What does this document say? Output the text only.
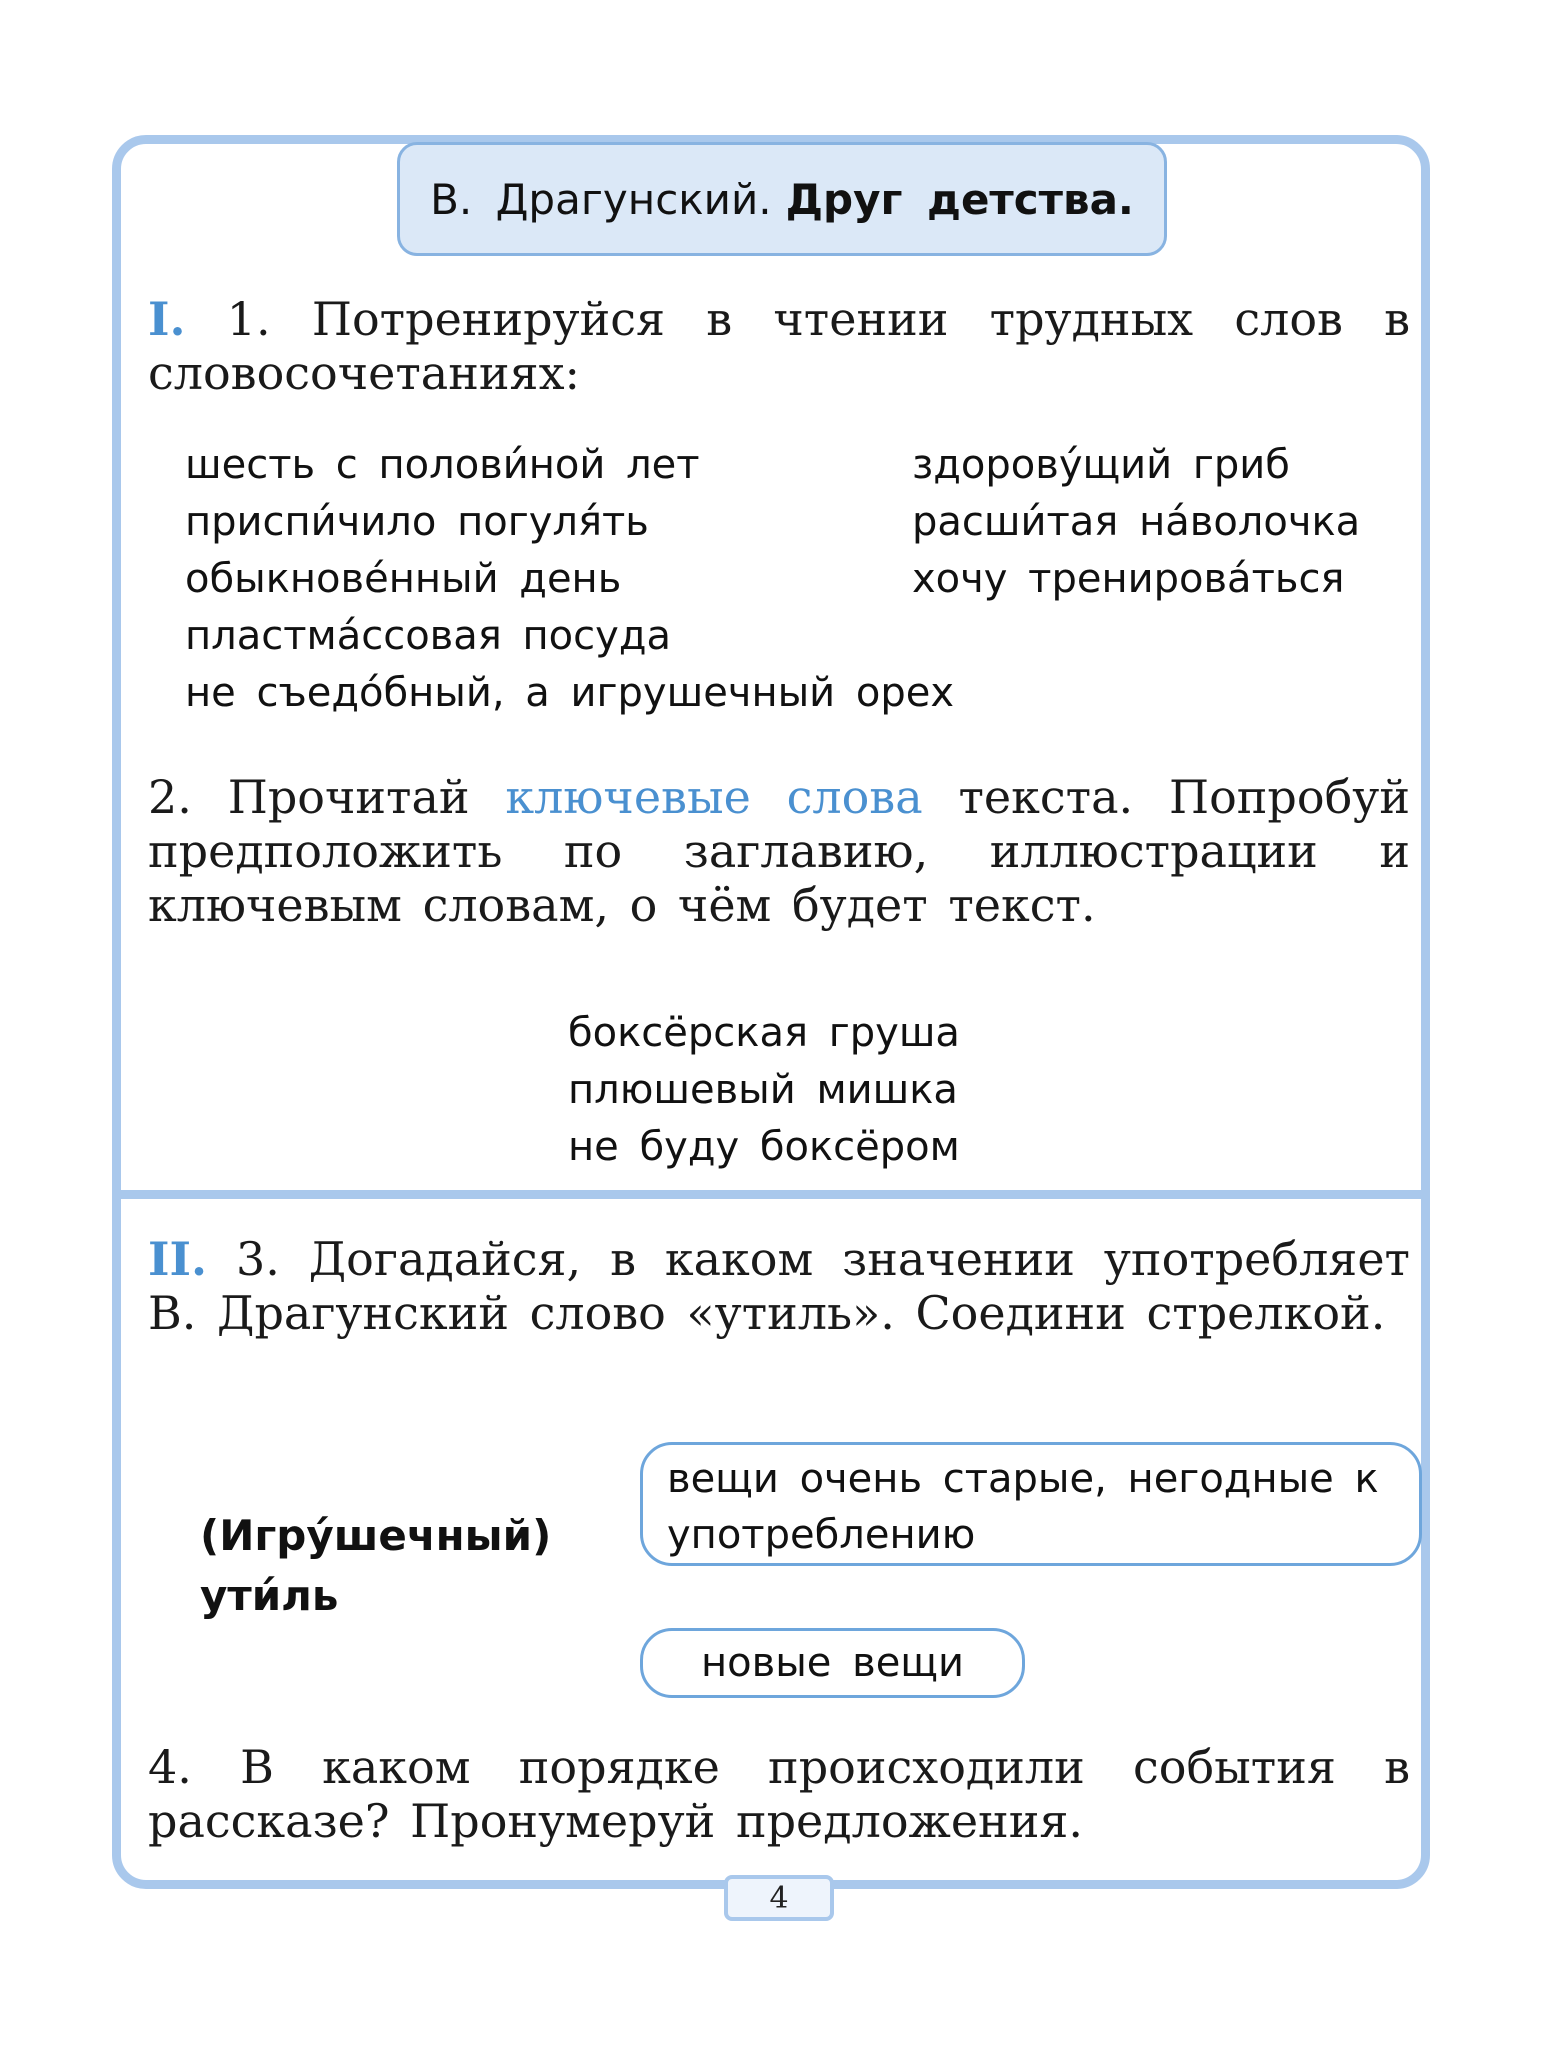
В. Драгунский. Друг детства.
I. 1. Потренируйся в чтении трудных слов в словосочетаниях:
шесть с полови́ной лет
приспи́чило погуля́ть
обыкнове́нный день
пластма́ссовая посуда
не съедо́бный, а игрушечный орех
здорову́щий гриб
расши́тая на́волочка
хочу тренирова́ться
2. Прочитай ключевые слова текста. Попробуй предположить по заглавию, иллюстрации и ключевым словам, о чём будет текст.
боксёрская груша
плюшевый мишка
не буду боксёром
II. 3. Догадайся, в каком значении употребляет В. Драгунский слово «утиль». Соедини стрелкой.
(Игру́шечный)
ути́ль
вещи очень старые, негодные к употреблению
новые вещи
4. В каком порядке происходили события в рассказе? Пронумеруй предложения.
4
